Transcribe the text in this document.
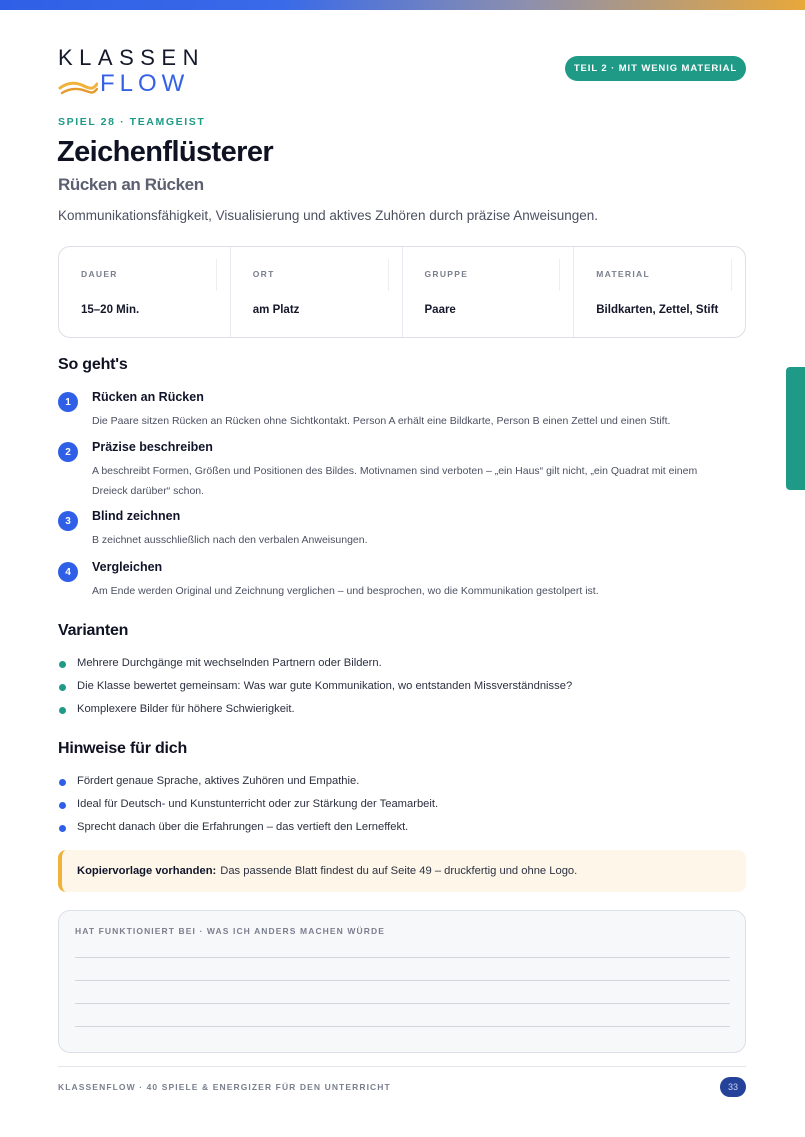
KLASSEN
FLOW
TEIL 2 · MIT WENIG MATERIAL
SPIEL 28 · TEAMGEIST
Zeichenflüsterer
Rücken an Rücken
Kommunikationsfähigkeit, Visualisierung und aktives Zuhören durch präzise Anweisungen.
DAUER
15–20 Min.
ORT
am Platz
GRUPPE
Paare
MATERIAL
Bildkarten, Zettel, Stift
So geht's
1	Rücken an Rücken
Die Paare sitzen Rücken an Rücken ohne Sichtkontakt. Person A erhält eine Bildkarte, Person B einen Zettel und einen Stift.
2	Präzise beschreiben
A beschreibt Formen, Größen und Positionen des Bildes. Motivnamen sind verboten – „ein Haus“ gilt nicht, „ein Quadrat mit einem Dreieck darüber“ schon.
3	Blind zeichnen
B zeichnet ausschließlich nach den verbalen Anweisungen.
4	Vergleichen
Am Ende werden Original und Zeichnung verglichen – und besprochen, wo die Kommunikation gestolpert ist.
Varianten
Mehrere Durchgänge mit wechselnden Partnern oder Bildern.
Die Klasse bewertet gemeinsam: Was war gute Kommunikation, wo entstanden Missverständnisse?
Komplexere Bilder für höhere Schwierigkeit.
Hinweise für dich
Fördert genaue Sprache, aktives Zuhören und Empathie.
Ideal für Deutsch- und Kunstunterricht oder zur Stärkung der Teamarbeit.
Sprecht danach über die Erfahrungen – das vertieft den Lerneffekt.
Kopiervorlage vorhanden: Das passende Blatt findest du auf Seite 49 – druckfertig und ohne Logo.
HAT FUNKTIONIERT BEI · WAS ICH ANDERS MACHEN WÜRDE
KLASSENFLOW · 40 SPIELE & ENERGIZER FÜR DEN UNTERRICHT	33
